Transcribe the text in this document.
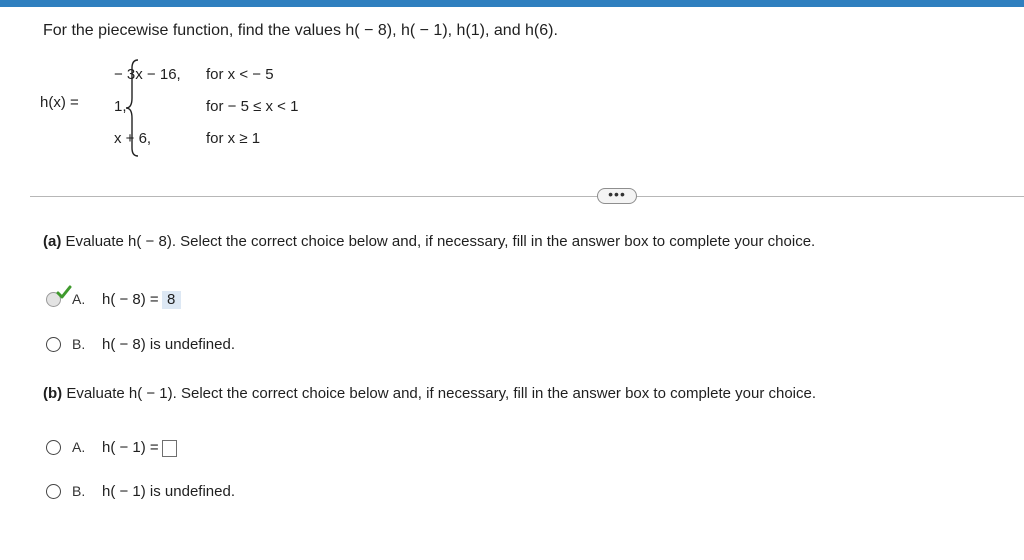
For the piecewise function, find the values h( − 8), h( − 1), h(1), and h(6).
h(x) =
− 3x − 16, for x < − 5
1,	for − 5 ≤ x < 1
x + 6,	for x ≥ 1
•••
(a) Evaluate h( − 8). Select the correct choice below and, if necessary, fill in the answer box to complete your choice.
A. h( − 8) = 8
B. h( − 8) is undefined.
(b) Evaluate h( − 1). Select the correct choice below and, if necessary, fill in the answer box to complete your choice.
A. h( − 1) =
B. h( − 1) is undefined.
